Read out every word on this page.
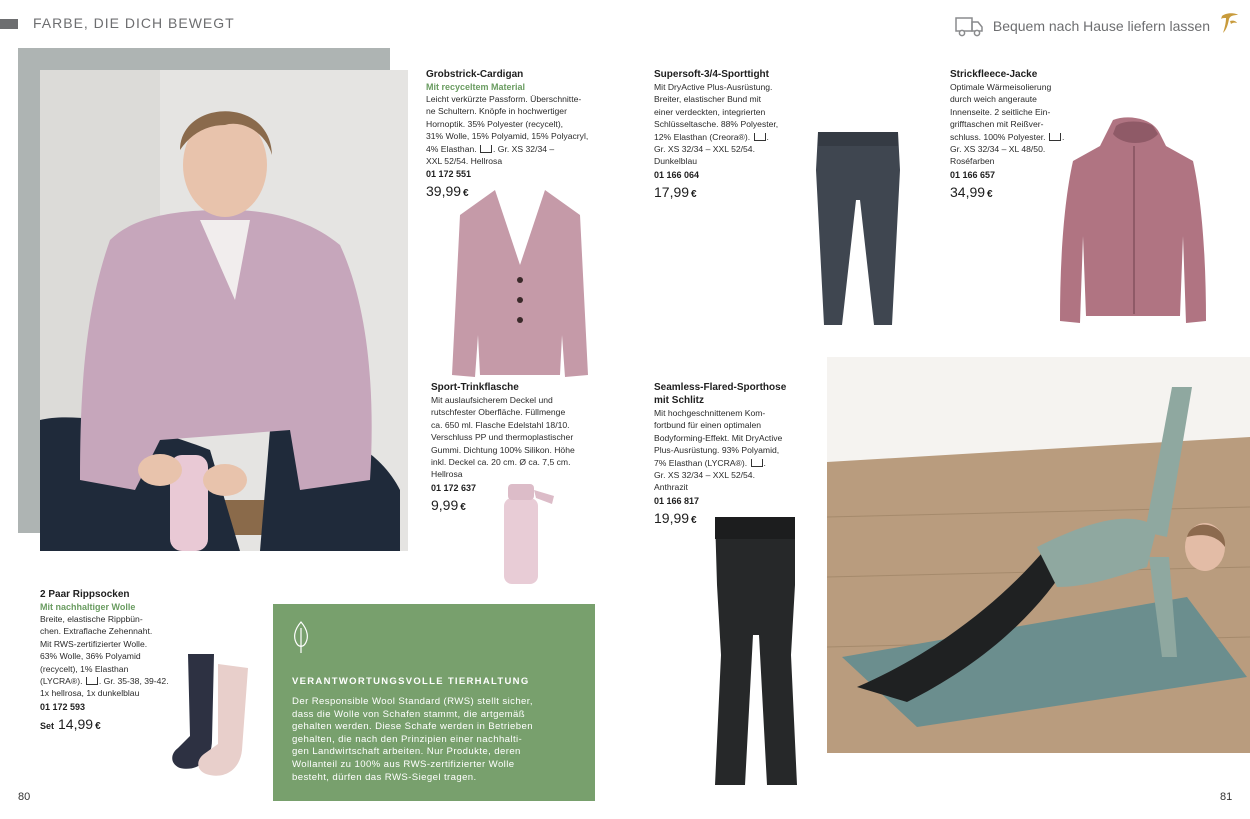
FARBE, DIE DICH BEWEGT	Bequem nach Hause liefern lassen
Grobstrick-Cardigan
Mit recyceltem Material
Leicht verkürzte Passform. Überschnitte-
ne Schultern. Knöpfe in hochwertiger
Hornoptik. 35% Polyester (recycelt),
31% Wolle, 15% Polyamid, 15% Polyacryl,
4% Elasthan. . Gr. XS 32/34 –
XXL 52/54. Hellrosa
01 172 551
39,99 €
Supersoft-3/4-Sporttight
Mit DryActive Plus-Ausrüstung.
Breiter, elastischer Bund mit
einer verdeckten, integrierten
Schlüsseltasche. 88% Polyester,
12% Elasthan (Creora®). .
Gr. XS 32/34 – XXL 52/54.
Dunkelblau
01 166 064
17,99 €
Strickfleece-Jacke
Optimale Wärmeisolierung
durch weich angeraute
Innenseite. 2 seitliche Ein-
grifftaschen mit Reißver-
schluss. 100% Polyester. .
Gr. XS 32/34 – XL 48/50.
Roséfarben
01 166 657
34,99 €
Sport-Trinkflasche
Mit auslaufsicherem Deckel und
rutschfester Oberfläche. Füllmenge
ca. 650 ml. Flasche Edelstahl 18/10.
Verschluss PP und thermoplastischer
Gummi. Dichtung 100% Silikon. Höhe
inkl. Deckel ca. 20 cm. Ø ca. 7,5 cm.
Hellrosa
01 172 637
9,99 €
Seamless-Flared-Sporthose
mit Schlitz
Mit hochgeschnittenem Kom-
fortbund für einen optimalen
Bodyforming-Effekt. Mit DryActive
Plus-Ausrüstung. 93% Polyamid,
7% Elasthan (LYCRA®). .
Gr. XS 32/34 – XXL 52/54.
Anthrazit
01 166 817
19,99 €
2 Paar Rippsocken
Mit nachhaltiger Wolle
Breite, elastische Rippbün-
chen. Extraflache Zehennaht.
Mit RWS-zertifizierter Wolle.
63% Wolle, 36% Polyamid
(recycelt), 1% Elasthan
(LYCRA®). . Gr. 35-38, 39-42.
1x hellrosa, 1x dunkelblau
01 172 593
Set 14,99 €
VERANTWORTUNGSVOLLE TIERHALTUNG
Der Responsible Wool Standard (RWS) stellt sicher,
dass die Wolle von Schafen stammt, die artgemäß
gehalten werden. Diese Schafe werden in Betrieben
gehalten, die nach den Prinzipien einer nachhalti-
gen Landwirtschaft arbeiten. Nur Produkte, deren
Wollanteil zu 100% aus RWS-zertifizierter Wolle
besteht, dürfen das RWS-Siegel tragen.
80	81
